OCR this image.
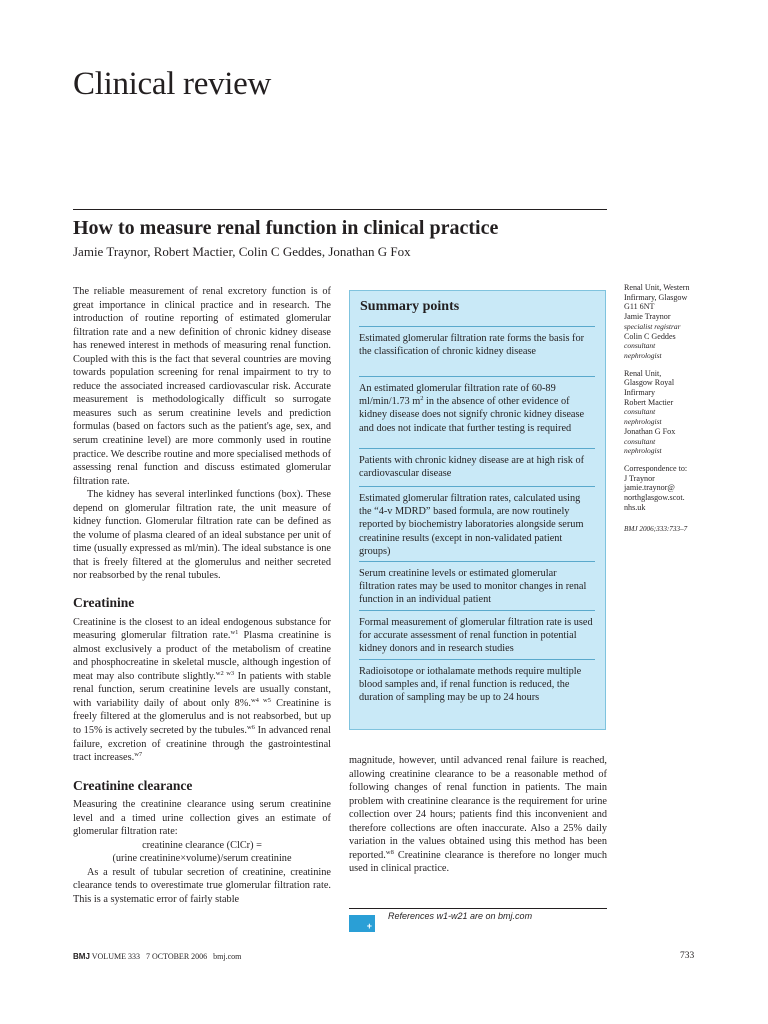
Clinical review
How to measure renal function in clinical practice
Jamie Traynor, Robert Mactier, Colin C Geddes, Jonathan G Fox

The reliable measurement of renal excretory function is of great importance in clinical practice and in research. The introduction of routine reporting of estimated glomerular filtration rate and a new definition of chronic kidney disease has renewed interest in methods of measuring renal function. Coupled with this is the fact that several countries are moving towards population screening for renal impairment to try to reduce the associated increased cardiovascular risk. Accurate measurement is methodologically difficult so surrogate measures such as serum creatinine levels and prediction formulas (based on factors such as the patient's age, sex, and serum creatinine level) are more commonly used in routine practice. We describe routine and more specialised methods of assessing renal function and discuss estimated glomerular filtration rate.

The kidney has several interlinked functions (box). These depend on glomerular filtration rate, the unit measure of kidney function. Glomerular filtration rate can be defined as the volume of plasma cleared of an ideal substance per unit of time (usually expressed as ml/min). The ideal substance is one that is freely filtered at the glomerulus and neither secreted nor reabsorbed by the renal tubules.

Creatinine

Creatinine is the closest to an ideal endogenous substance for measuring glomerular filtration rate.$^{w1}$ Plasma creatinine is almost exclusively a product of the metabolism of creatine and phosphocreatine in skeletal muscle, although ingestion of meat may also contribute slightly.$^{w2 w3}$ In patients with stable renal function, serum creatinine levels are usually constant, with variability daily of about only 8%.$^{w4 w5}$ Creatinine is freely filtered at the glomerulus and is not reabsorbed, but up to 15% is actively secreted by the tubules.$^{w6}$ In advanced renal failure, excretion of creatinine through the gastrointestinal tract increases.$^{w7}$

Creatinine clearance

Measuring the creatinine clearance using serum creatinine level and a timed urine collection gives an estimate of glomerular filtration rate:

creatinine clearance (ClCr) =

(urine creatinine×volume)/serum creatinine

As a result of tubular secretion of creatinine, creatinine clearance tends to overestimate true glomerular filtration rate. This is a systematic error of fairly stable

Summary points
Estimated glomerular filtration rate forms the basis for the classification of chronic kidney disease
An estimated glomerular filtration rate of 60-89 ml/min/1.73 $m^2$ in the absence of other evidence of kidney disease does not signify chronic kidney disease and does not indicate that further testing is required
Patients with chronic kidney disease are at high risk of cardiovascular disease
Estimated glomerular filtration rates, calculated using the “4-v MDRD” based formula, are now routinely reported by biochemistry laboratories alongside serum creatinine results (except in non-validated patient groups)
Serum creatinine levels or estimated glomerular filtration rates may be used to monitor changes in renal function in an individual patient
Formal measurement of glomerular filtration rate is used for accurate assessment of renal function in potential kidney donors and in research studies
Radioisotope or iothalamate methods require multiple blood samples and, if renal function is reduced, the duration of sampling may be up to 24 hours

magnitude, however, until advanced renal failure is reached, allowing creatinine clearance to be a reasonable method of following changes of renal function in patients. The main problem with creatinine clearance is the requirement for urine collection over 24 hours; patients find this inconvenient and therefore collections are often inaccurate. Also a 25% daily variation in the values obtained using this method has been reported.$^{w8}$ Creatinine clearance is therefore no longer much used in clinical practice.

Renal Unit, Western
Infirmary, Glasgow
G11 6NT
Jamie Traynor
specialist registrar
Colin C Geddes
consultant
nephrologist
Renal Unit,
Glasgow Royal
Infirmary
Robert Mactier
consultant
nephrologist
Jonathan G Fox
consultant
nephrologist
Correspondence to:
J Traynor
jamie.traynor@
northglasgow.scot.
nhs.uk
BMJ 2006;333:733–7
+
References w1-w21 are on bmj.com
BMJ VOLUME 333   7 OCTOBER 2006   bmj.com	733
